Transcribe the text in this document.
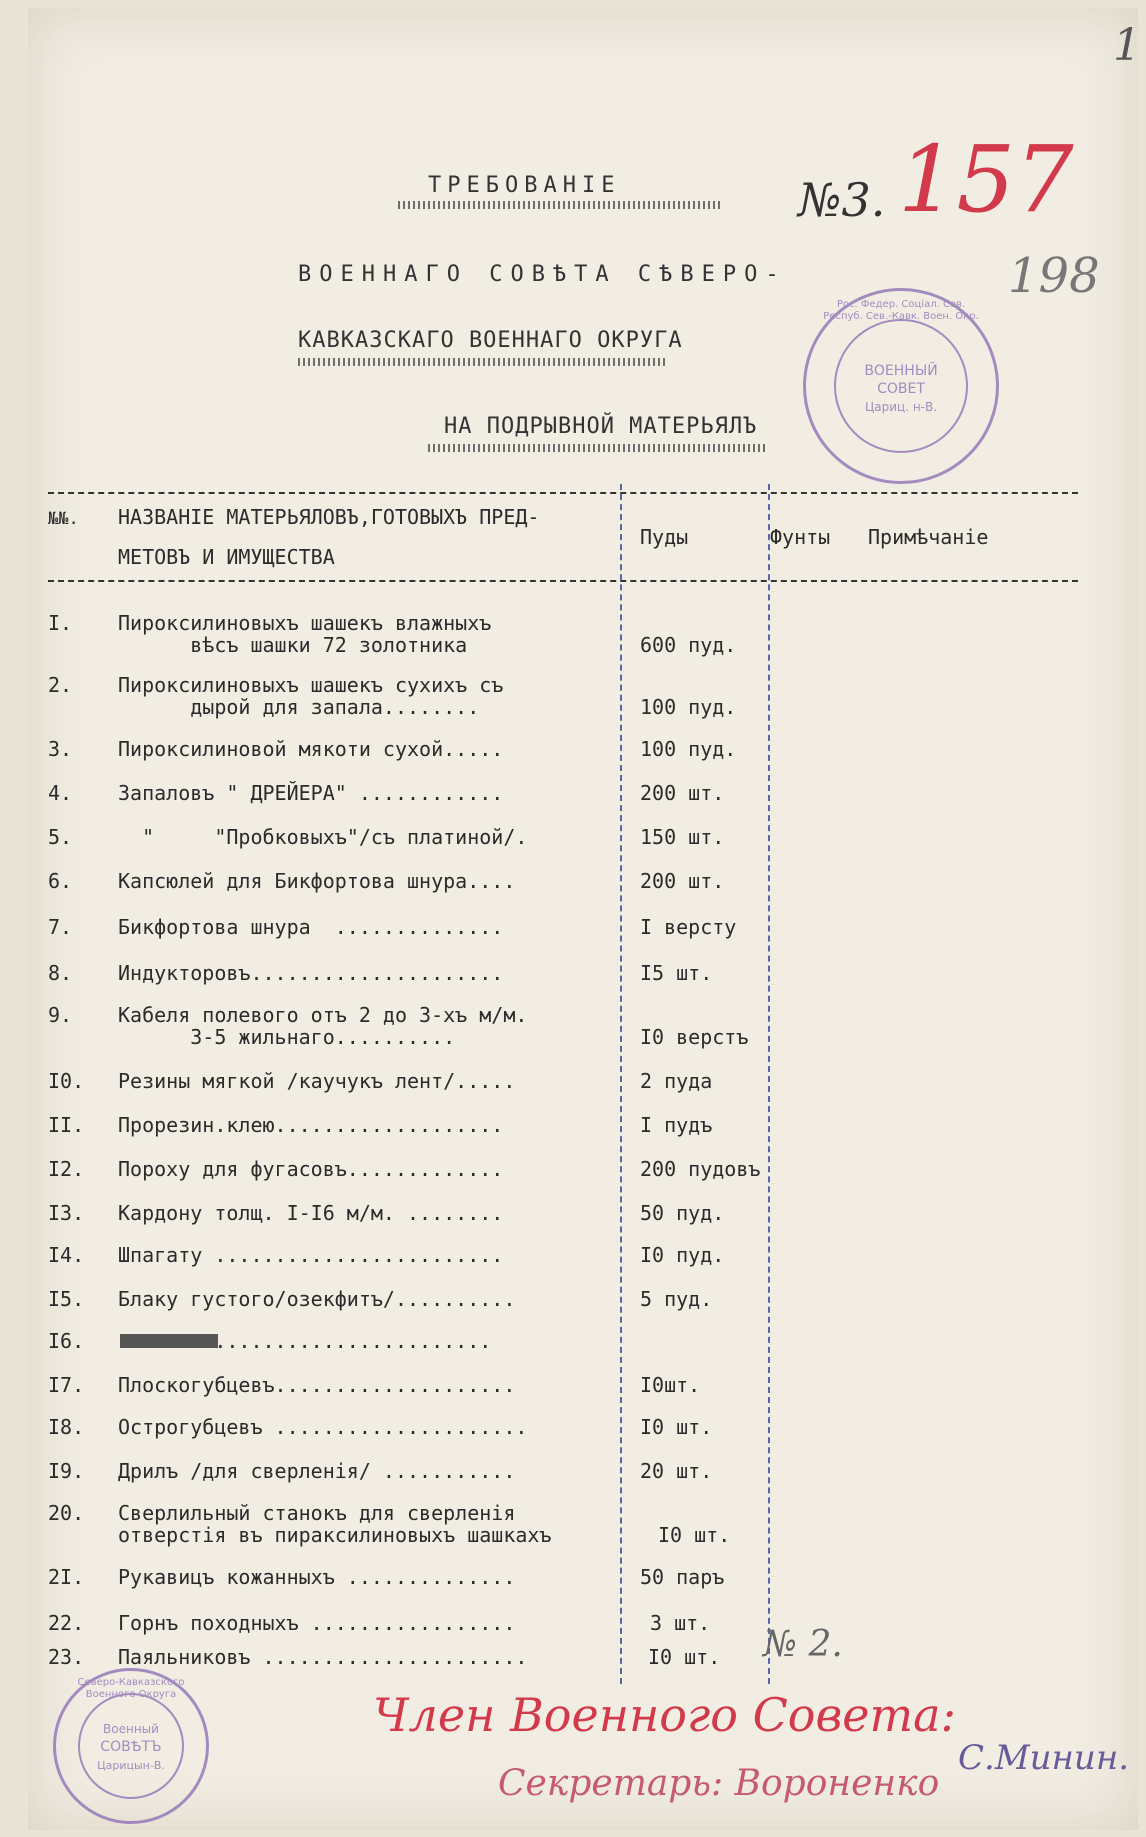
1
ТРЕБОВАНІЕ	№3. 157
198
ВОЕННАГО СОВѢТА СѢВЕРО-
КАВКАЗСКАГО ВОЕННАГО ОКРУГА
НА ПОДРЫВНОЙ МАТЕРЬЯЛЪ
Рос. Федер. Соціал. Сов. Респуб. Сев.-Кавк. Воен. Окр.
ВОЕННЫЙ
СОВЕТ
Цариц. н-В.
№№. НАЗВАНІЕ МАТЕРЬЯЛОВЪ,ГОТОВЫХЪ ПРЕД-
МЕТОВЪ И ИМУЩЕСТВА
Пуды	Фунты Примѣчаніе
I. Пироксилиновыхъ шашекъ влажныхъ
вѣсъ шашки 72 золотника	600 пуд.
2. Пироксилиновыхъ шашекъ сухихъ съ
дырой для запала........	100 пуд.
3. Пироксилиновой мякоти сухой.....	100 пуд.
4. Запаловъ " ДРЕЙЕРА" ............	200 шт.
5. "     "Пробковыхъ"/съ платиной/.	150 шт.
6. Капсюлей для Бикфортова шнура....	200 шт.
7. Бикфортова шнура  ..............	I версту
8. Индукторовъ.....................	I5 шт.
9. Кабеля полевого отъ 2 до 3-хъ м/м.
3-5 жильнаго..........	I0 верстъ
I0. Резины мягкой /каучукъ лент/.....	2 пуда
II. Прорезин.клею...................	I пудъ
I2. Пороху для фугасовъ.............	200 пудовъ
I3. Кардону толщ. I-I6 м/м. ........	50 пуд.
I4. Шпагату ........................	I0 пуд.
I5. Блаку густого/озекфитъ/..........	5 пуд.
I6. .......................
I7. Плоскогубцевъ....................	I0шт.
I8. Острогубцевъ .....................	I0 шт.
I9. Дрилъ /для сверленія/ ...........	20 шт.
20. Сверлильный станокъ для сверленія
отверстія въ пираксилиновыхъ шашкахъ	I0 шт.
2I. Рукавицъ кожанныхъ ..............	50 паръ
22. Горнъ походныхъ .................	3 шт.
23. Паяльниковъ ......................	I0 шт. № 2.
Северо-Кавказского Военного Округа
Военный
СОВѢТЪ
Царицын-В.
Член Военного Совета:
Секретарь: Вороненко
С.Минин.
